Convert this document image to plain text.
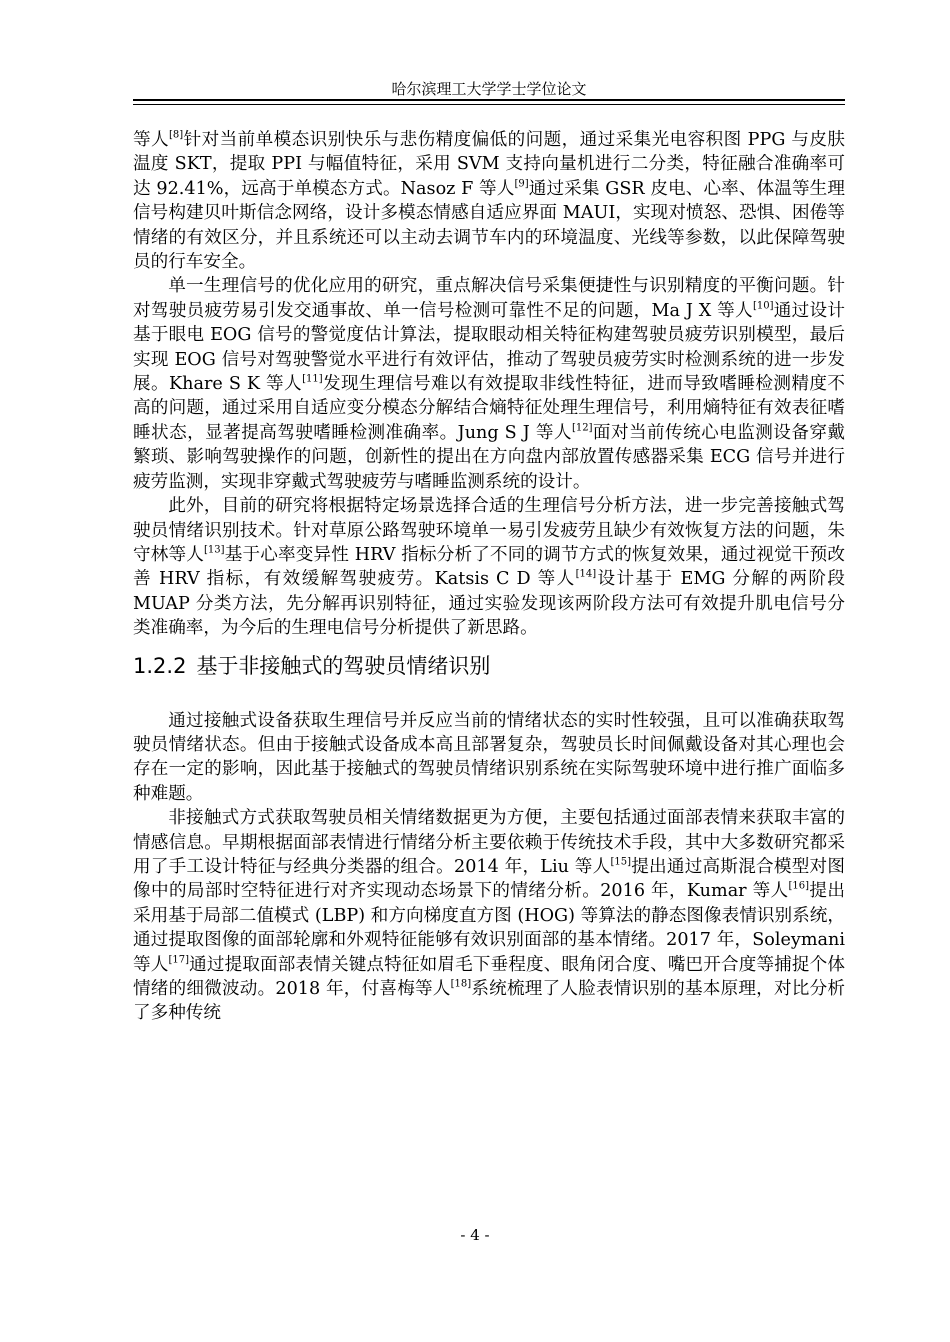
哈尔滨理工大学学士学位论文

等人[8]针对当前单模态识别快乐与悲伤精度偏低的问题，通过采集光电容积图 PPG 与皮肤温度 SKT，提取 PPI 与幅值特征，采用 SVM 支持向量机进行二分类，特征融合准确率可达 92.41%，远高于单模态方式。Nasoz F 等人[9]通过采集 GSR 皮电、心率、体温等生理信号构建贝叶斯信念网络，设计多模态情感自适应界面 MAUI，实现对愤怒、恐惧、困倦等情绪的有效区分，并且系统还可以主动去调节车内的环境温度、光线等参数，以此保障驾驶员的行车安全。

单一生理信号的优化应用的研究，重点解决信号采集便捷性与识别精度的平衡问题。针对驾驶员疲劳易引发交通事故、单一信号检测可靠性不足的问题，Ma J X 等人[10]通过设计基于眼电 EOG 信号的警觉度估计算法，提取眼动相关特征构建驾驶员疲劳识别模型，最后实现 EOG 信号对驾驶警觉水平进行有效评估，推动了驾驶员疲劳实时检测系统的进一步发展。Khare S K 等人[11]发现生理信号难以有效提取非线性特征，进而导致嗜睡检测精度不高的问题，通过采用自适应变分模态分解结合熵特征处理生理信号，利用熵特征有效表征嗜睡状态，显著提高驾驶嗜睡检测准确率。Jung S J 等人[12]面对当前传统心电监测设备穿戴繁琐、影响驾驶操作的问题，创新性的提出在方向盘内部放置传感器采集 ECG 信号并进行疲劳监测，实现非穿戴式驾驶疲劳与嗜睡监测系统的设计。

此外，目前的研究将根据特定场景选择合适的生理信号分析方法，进一步完善接触式驾驶员情绪识别技术。针对草原公路驾驶环境单一易引发疲劳且缺少有效恢复方法的问题，朱守林等人[13]基于心率变异性 HRV 指标分析了不同的调节方式的恢复效果，通过视觉干预改善 HRV 指标，有效缓解驾驶疲劳。Katsis C D 等人[14]设计基于 EMG 分解的两阶段 MUAP 分类方法，先分解再识别特征，通过实验发现该两阶段方法可有效提升肌电信号分类准确率，为今后的生理电信号分析提供了新思路。

1.2.2 基于非接触式的驾驶员情绪识别

通过接触式设备获取生理信号并反应当前的情绪状态的实时性较强，且可以准确获取驾驶员情绪状态。但由于接触式设备成本高且部署复杂，驾驶员长时间佩戴设备对其心理也会存在一定的影响，因此基于接触式的驾驶员情绪识别系统在实际驾驶环境中进行推广面临多种难题。

非接触式方式获取驾驶员相关情绪数据更为方便，主要包括通过面部表情来获取丰富的情感信息。早期根据面部表情进行情绪分析主要依赖于传统技术手段，其中大多数研究都采用了手工设计特征与经典分类器的组合。2014 年，Liu 等人[15]提出通过高斯混合模型对图像中的局部时空特征进行对齐实现动态场景下的情绪分析。2016 年，Kumar 等人[16]提出采用基于局部二值模式 (LBP) 和方向梯度直方图 (HOG) 等算法的静态图像表情识别系统，通过提取图像的面部轮廓和外观特征能够有效识别面部的基本情绪。2017 年，Soleymani 等人[17]通过提取面部表情关键点特征如眉毛下垂程度、眼角闭合度、嘴巴开合度等捕捉个体情绪的细微波动。2018 年，付喜梅等人[18]系统梳理了人脸表情识别的基本原理，对比分析了多种传统

- 4 -
